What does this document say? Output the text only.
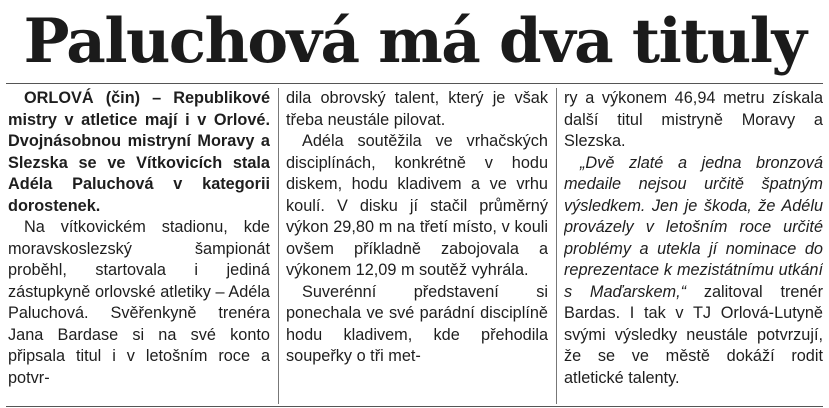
Paluchová má dva tituly

ORLOVÁ (čin) – Republikové mistry v atletice mají i v Orlové. Dvojnásobnou mistryní Moravy a Slezska se ve Vítkovicích stala Adéla Paluchová v kategorii dorostenek.

Na vítkovickém stadionu, kde moravskoslezský šampionát proběhl, startovala i jediná zástupkyně orlovské atletiky – Adéla Paluchová. Svěřenkyně trenéra Jana Bardase si na své konto připsala titul i v letošním roce a potvr-

dila obrovský talent, který je však třeba neustále pilovat.

Adéla soutěžila ve vrhačských disciplínách, konkrétně v hodu diskem, hodu kladivem a ve vrhu koulí. V disku jí stačil průměrný výkon 29,80 m na třetí místo, v kouli ovšem příkladně zabojovala a výkonem 12,09 m soutěž vyhrála.

Suverénní představení si ponechala ve své parádní disciplíně hodu kladivem, kde přehodila soupeřky o tři met-

ry a výkonem 46,94 metru získala další titul mistryně Moravy a Slezska.

„Dvě zlaté a jedna bronzová medaile nejsou určitě špatným výsledkem. Jen je škoda, že Adélu provázely v letošním roce určité problémy a utekla jí nominace do reprezentace k mezistátnímu utkání s Maďarskem,“ zalitoval trenér Bardas. I tak v TJ Orlová-Lutyně svými výsledky neustále potvrzují, že se ve městě dokáží rodit atletické talenty.
